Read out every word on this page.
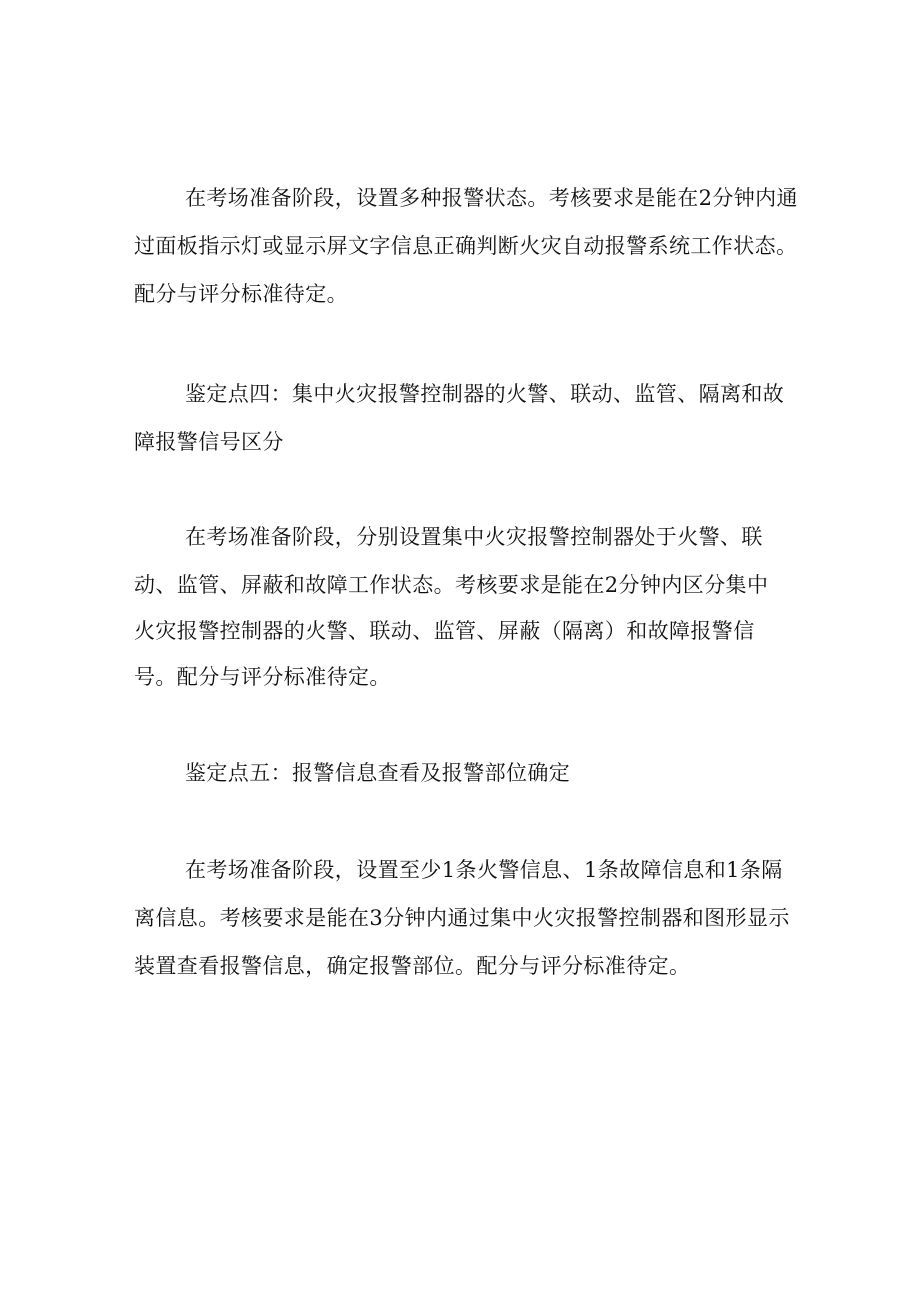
在考场准备阶段，设置多种报警状态。考核要求是能在2分钟内通
过面板指示灯或显示屏文字信息正确判断火灾自动报警系统工作状态。
配分与评分标准待定。
鉴定点四：集中火灾报警控制器的火警、联动、监管、隔离和故
障报警信号区分
在考场准备阶段，分别设置集中火灾报警控制器处于火警、联
动、监管、屏蔽和故障工作状态。考核要求是能在2分钟内区分集中
火灾报警控制器的火警、联动、监管、屏蔽（隔离）和故障报警信
号。配分与评分标准待定。
鉴定点五：报警信息查看及报警部位确定
在考场准备阶段，设置至少1条火警信息、1条故障信息和1条隔
离信息。考核要求是能在3分钟内通过集中火灾报警控制器和图形显示
装置查看报警信息，确定报警部位。配分与评分标准待定。
